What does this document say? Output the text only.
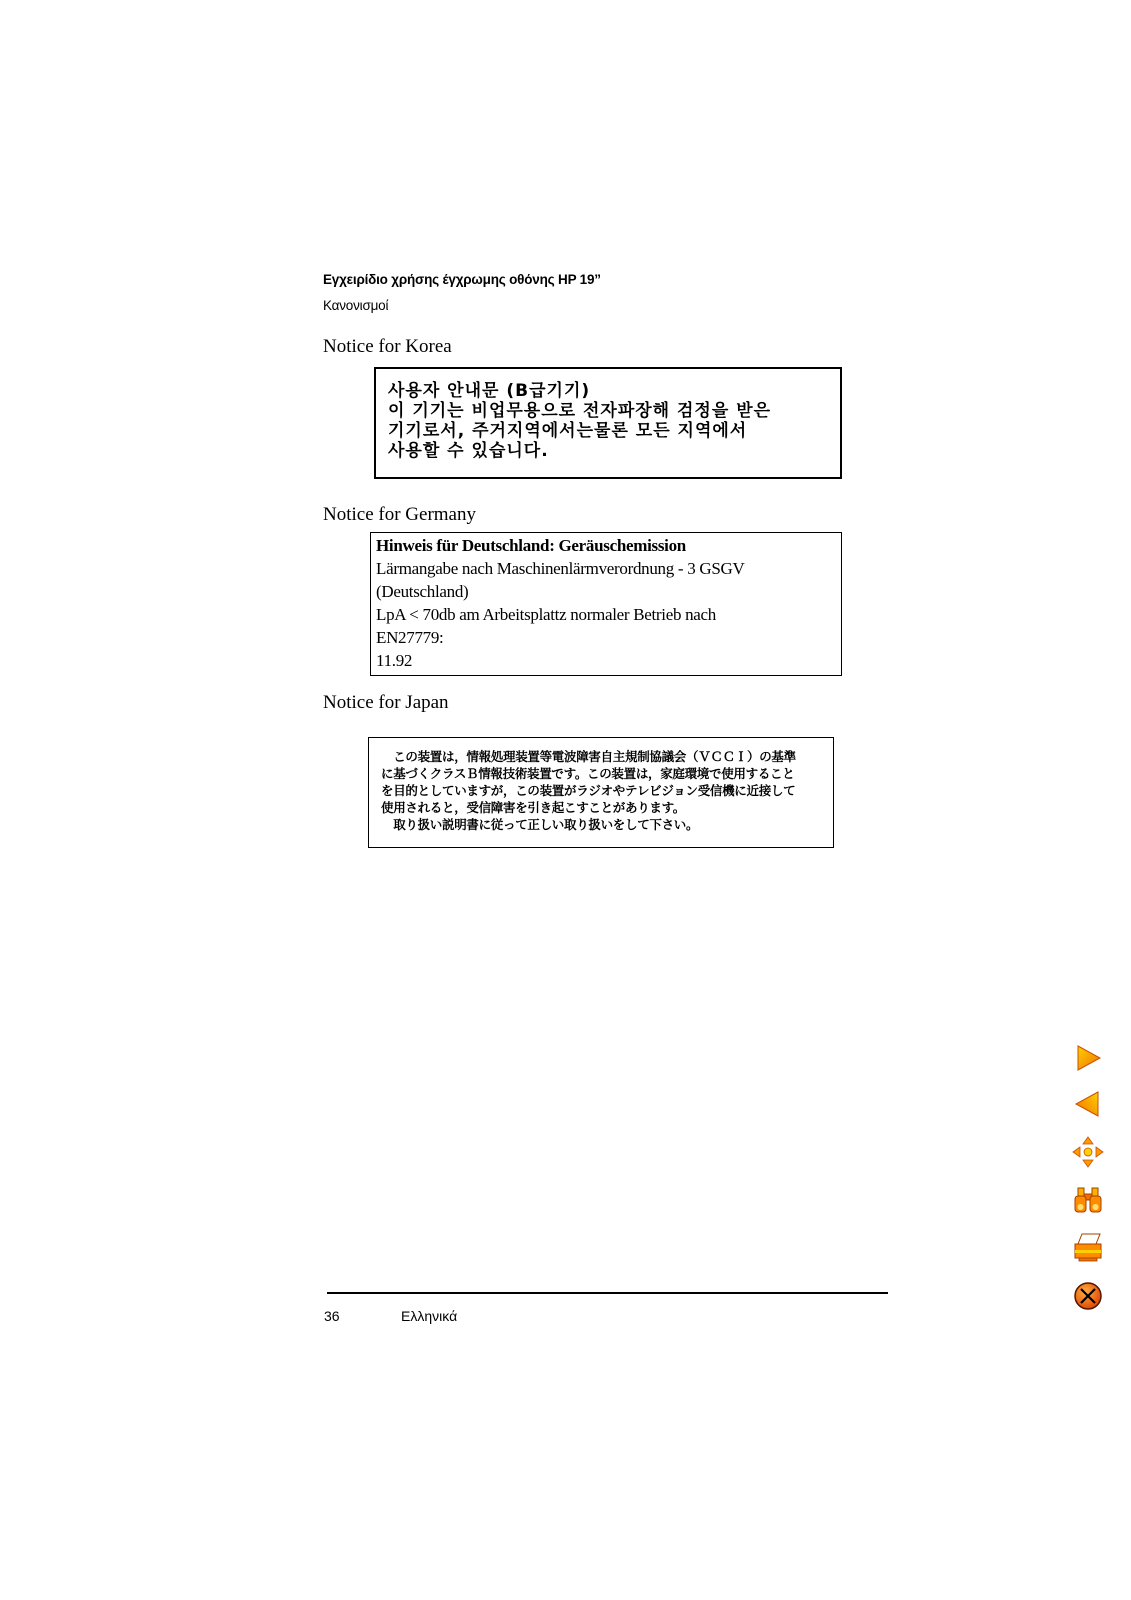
Εγχειρίδιο χρήσης έγχρωμης οθόνης HP 19”
Κανονισμοί
Notice for Korea
사용자 안내문 (B급기기)
이 기기는 비업무용으로 전자파장해 검정을 받은
기기로서, 주거지역에서는물론 모든 지역에서
사용할 수 있습니다.
Notice for Germany
Hinweis für Deutschland: Geräuschemission
Lärmangabe nach Maschinenlärmverordnung - 3 GSGV
(Deutschland)
LpA < 70db am Arbeitsplattz normaler Betrieb nach
EN27779:
11.92
Notice for Japan
　この装置は，情報処理装置等電波障害自主規制協議会（ＶＣＣＩ）の基準
に基づくクラスＢ情報技術装置です。この装置は，家庭環境で使用すること
を目的としていますが，この装置がラジオやテレビジョン受信機に近接して
使用されると，受信障害を引き起こすことがあります。
　取り扱い説明書に従って正しい取り扱いをして下さい。
36	Ελληνικά
